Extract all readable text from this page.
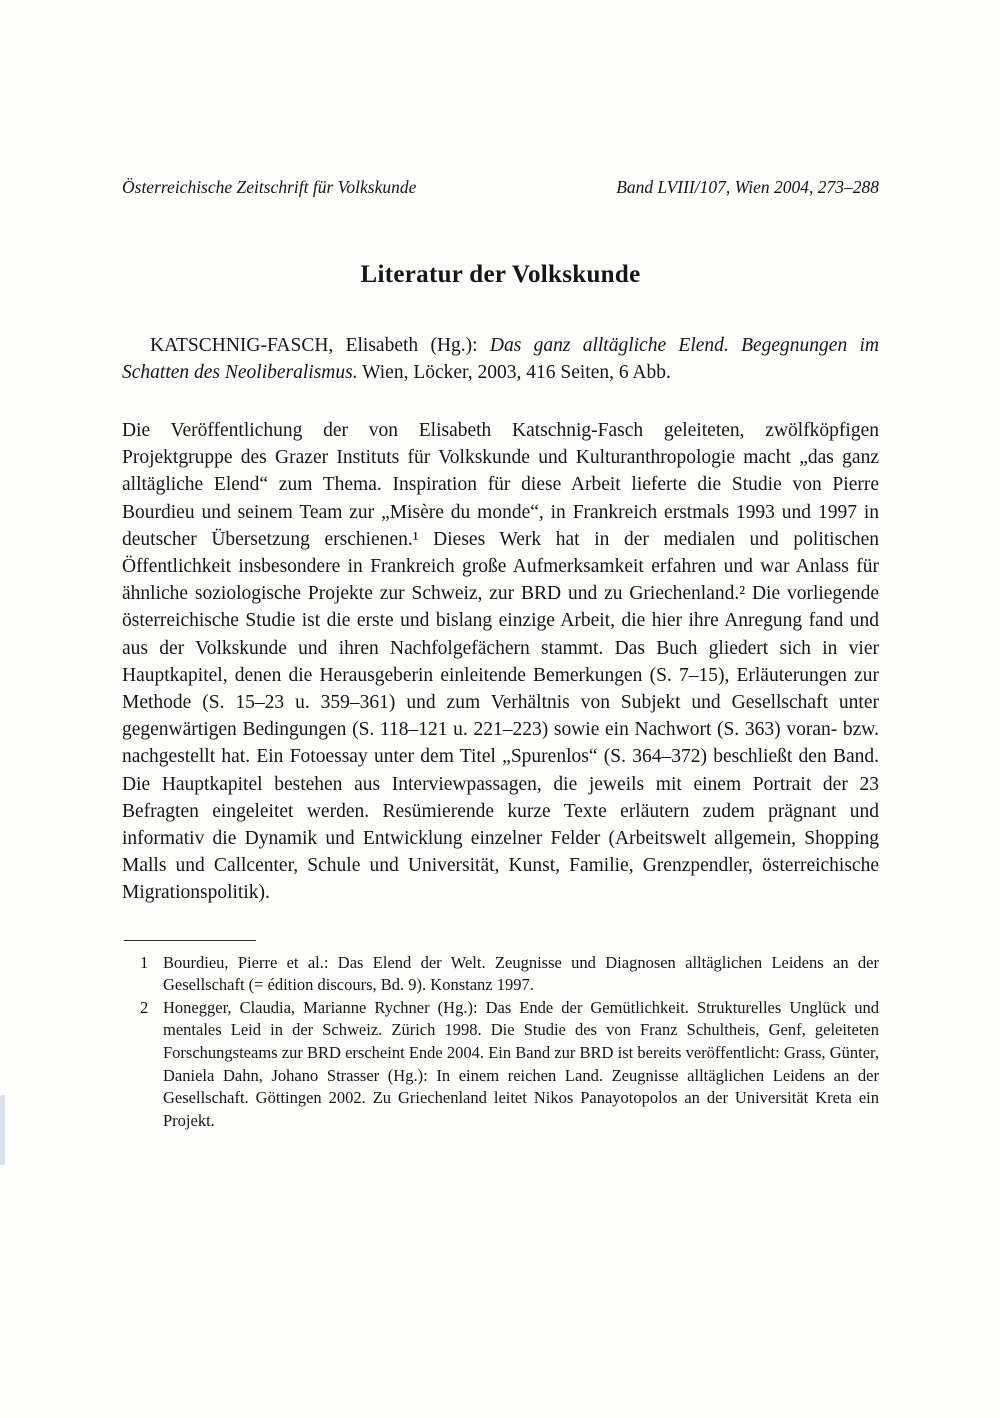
Österreichische Zeitschrift für Volkskunde	Band LVIII/107, Wien 2004, 273–288
Literatur der Volkskunde

KATSCHNIG-FASCH, Elisabeth (Hg.): Das ganz alltägliche Elend. Begegnungen im Schatten des Neoliberalismus. Wien, Löcker, 2003, 416 Seiten, 6 Abb.

Die Veröffentlichung der von Elisabeth Katschnig-Fasch geleiteten, zwölfköpfigen Projektgruppe des Grazer Instituts für Volkskunde und Kulturanthropologie macht „das ganz alltägliche Elend“ zum Thema. Inspiration für diese Arbeit lieferte die Studie von Pierre Bourdieu und seinem Team zur „Misère du monde“, in Frankreich erstmals 1993 und 1997 in deutscher Übersetzung erschienen.¹ Dieses Werk hat in der medialen und politischen Öffentlichkeit insbesondere in Frankreich große Aufmerksamkeit erfahren und war Anlass für ähnliche soziologische Projekte zur Schweiz, zur BRD und zu Griechenland.² Die vorliegende österreichische Studie ist die erste und bislang einzige Arbeit, die hier ihre Anregung fand und aus der Volkskunde und ihren Nachfolgefächern stammt. Das Buch gliedert sich in vier Hauptkapitel, denen die Herausgeberin einleitende Bemerkungen (S. 7–15), Erläuterungen zur Methode (S. 15–23 u. 359–361) und zum Verhältnis von Subjekt und Gesellschaft unter gegenwärtigen Bedingungen (S. 118–121 u. 221–223) sowie ein Nachwort (S. 363) voran- bzw. nachgestellt hat. Ein Fotoessay unter dem Titel „Spurenlos“ (S. 364–372) beschließt den Band. Die Hauptkapitel bestehen aus Interviewpassagen, die jeweils mit einem Portrait der 23 Befragten eingeleitet werden. Resümierende kurze Texte erläutern zudem prägnant und informativ die Dynamik und Entwicklung einzelner Felder (Arbeitswelt allgemein, Shopping Malls und Callcenter, Schule und Universität, Kunst, Familie, Grenzpendler, österreichische Migrationspolitik).

1 Bourdieu, Pierre et al.: Das Elend der Welt. Zeugnisse und Diagnosen alltäglichen Leidens an der Gesellschaft (= édition discours, Bd. 9). Konstanz 1997.
2 Honegger, Claudia, Marianne Rychner (Hg.): Das Ende der Gemütlichkeit. Strukturelles Unglück und mentales Leid in der Schweiz. Zürich 1998. Die Studie des von Franz Schultheis, Genf, geleiteten Forschungsteams zur BRD erscheint Ende 2004. Ein Band zur BRD ist bereits veröffentlicht: Grass, Günter, Daniela Dahn, Johano Strasser (Hg.): In einem reichen Land. Zeugnisse alltäglichen Leidens an der Gesellschaft. Göttingen 2002. Zu Griechenland leitet Nikos Panayotopolos an der Universität Kreta ein Projekt.
